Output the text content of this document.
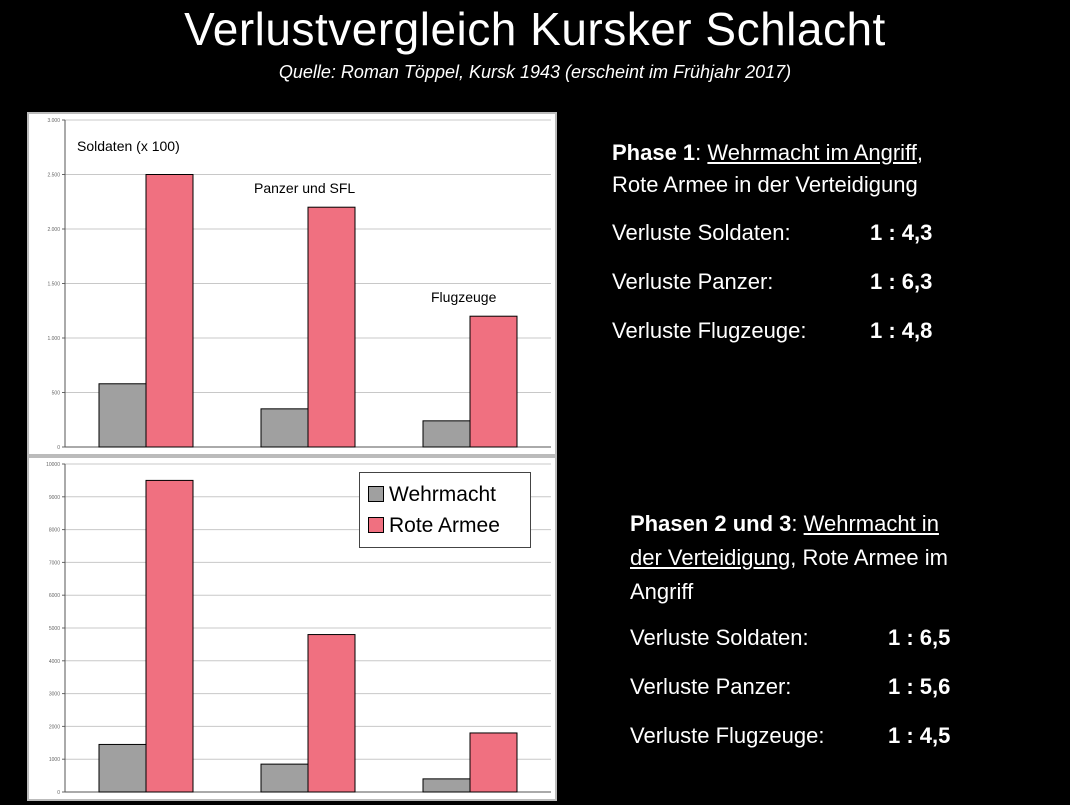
Verlustvergleich Kursker Schlacht
Quelle: Roman Töppel, Kursk 1943 (erscheint im Frühjahr 2017)
0
500
1.000
1.500
2.000
2.500
3.000
Soldaten (x 100)
Panzer und SFL
Flugzeuge
0
1000
2000
3000
4000
5000
6000
7000
8000
9000
10000
Wehrmacht
Rote Armee
Phase 1: Wehrmacht im Angriff,
Rote Armee in der Verteidigung
Verluste Soldaten:	1 : 4,3
Verluste Panzer:	1 : 6,3
Verluste Flugzeuge:	1 : 4,8
Phasen 2 und 3: Wehrmacht in
der Verteidigung, Rote Armee im
Angriff
Verluste Soldaten:	1 : 6,5
Verluste Panzer:	1 : 5,6
Verluste Flugzeuge:	1 : 4,5
